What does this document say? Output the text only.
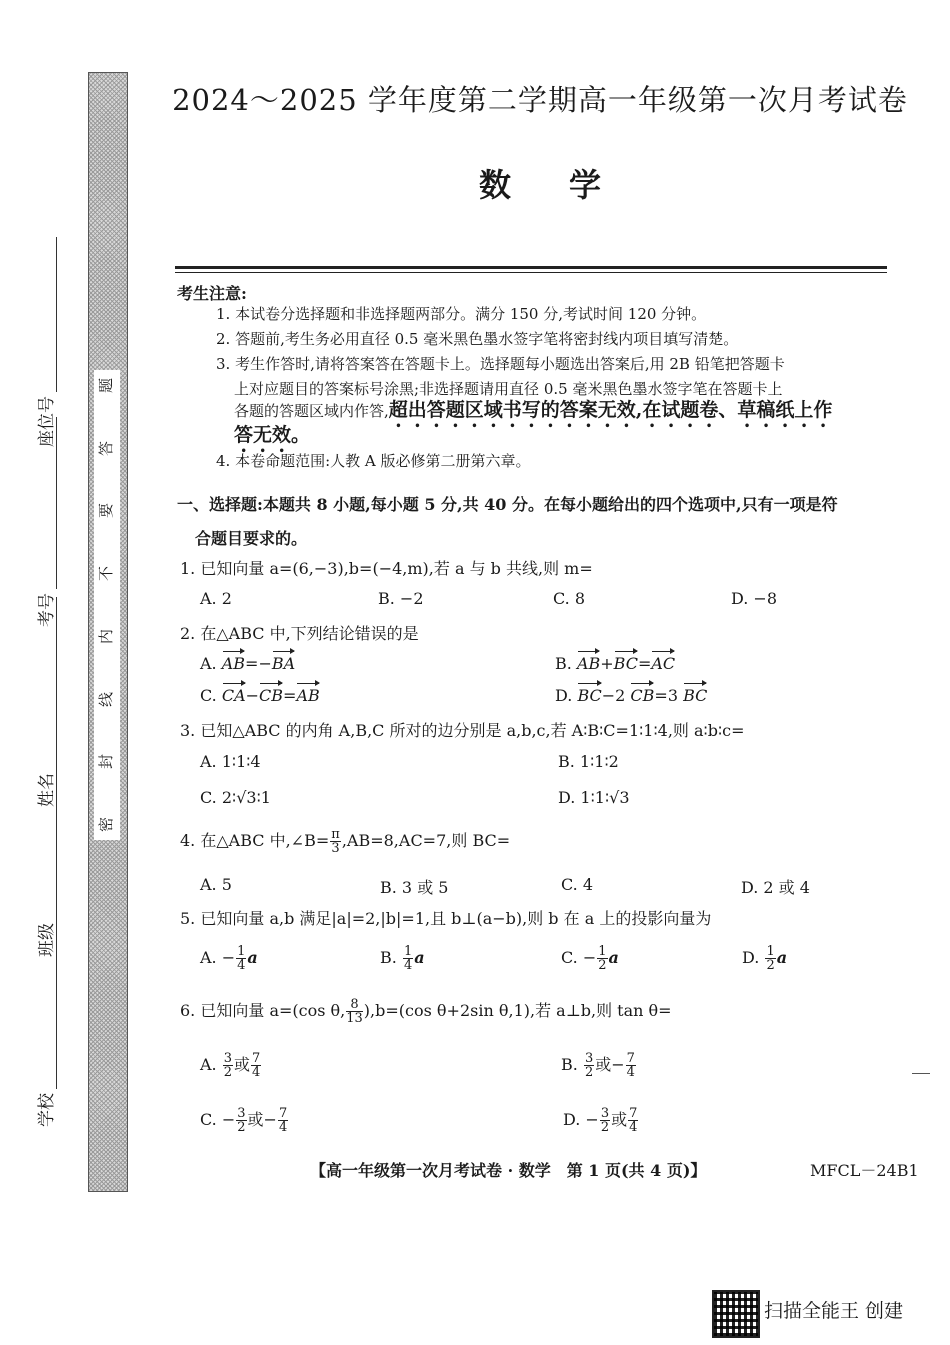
题
答
要
不
内
线
封
密
座位号
考号
姓名
班级
学校
2024～2025 学年度第二学期高一年级第一次月考试卷
数学
考生注意:
1. 本试卷分选择题和非选择题两部分。满分 150 分,考试时间 120 分钟。
2. 答题前,考生务必用直径 0.5 毫米黑色墨水签字笔将密封线内项目填写清楚。
3. 考生作答时,请将答案答在答题卡上。选择题每小题选出答案后,用 2B 铅笔把答题卡
上对应题目的答案标号涂黑;非选择题请用直径 0.5 毫米黑色墨水签字笔在答题卡上
各题的答题区域内作答,超出答题区域书写的答案无效,在试题卷、草稿纸上作
答无效。
4. 本卷命题范围:人教 A 版必修第二册第六章。
一、选择题:本题共 8 小题,每小题 5 分,共 40 分。在每小题给出的四个选项中,只有一项是符
合题目要求的。
1. 已知向量 a=(6,−3),b=(−4,m),若 a 与 b 共线,则 m=
A. 2	B. −2	C. 8	D. −8
2. 在△ABC 中,下列结论错误的是
A. AB=−BA	B. AB+BC=AC
C. CA−CB=AB	D. BC−2 CB=3 BC
3. 已知△ABC 的内角 A,B,C 所对的边分别是 a,b,c,若 A∶B∶C=1∶1∶4,则 a∶b∶c=
A. 1∶1∶4	B. 1∶1∶2
C. 2∶√3∶1	D. 1∶1∶√3
4. 在△ABC 中,∠B= $\frac{\pi}{3} ,AB=8,AC=7$,则 BC=
A. 5	B. 3 或 5	C. 4	D. 2 或 4
5. 已知向量 a,b 满足|a|=2,|b|=1,且 b⊥(a−b),则 b 在 a 上的投影向量为
A. − $\frac{1}{4}$ a	B. $\frac{1}{4}$ a	C. − $\frac{1}{2}$ a	D. $\frac{1}{2}$ a
6. 已知向量 a=(cos θ, $\frac{8}{13} ),b=(\cos$ θ+2sin θ,1),若 a⊥b,则 tan θ=
A. $\frac{3}{2}$ 或 $\frac{7}{4}$	B. $\frac{3}{2}$ 或− $\frac{7}{4}$
C. − $\frac{3}{2}$ 或− $\frac{7}{4}$	D. − $\frac{3}{2}$ 或 $\frac{7}{4}$
【高一年级第一次月考试卷 · 数学　第 1 页(共 4 页)】	MFCL－24B1
扫描全能王 创建
